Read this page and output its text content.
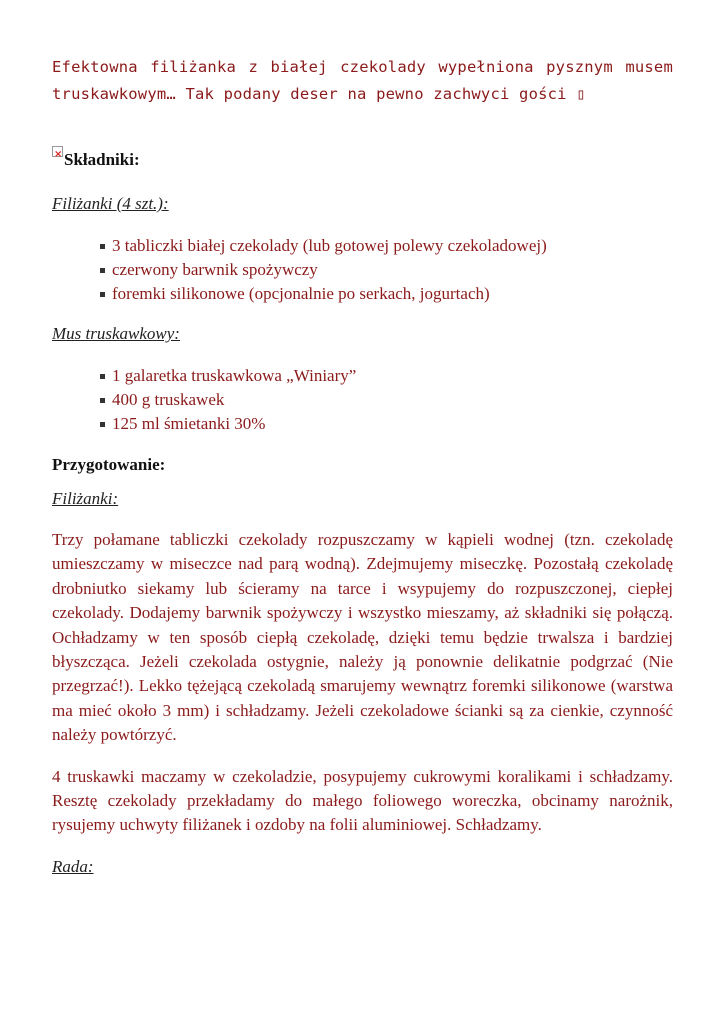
Efektowna filiżanka z białej czekolady wypełniona pysznym musem truskawkowym… Tak podany deser na pewno zachwyci gości ▯

×Składniki:

Filiżanki (4 szt.):

3 tabliczki białej czekolady (lub gotowej polewy czekoladowej)
czerwony barwnik spożywczy
foremki silikonowe (opcjonalnie po serkach, jogurtach)

Mus truskawkowy:

1 galaretka truskawkowa „Winiary”
400 g truskawek
125 ml śmietanki 30%

Przygotowanie:

Filiżanki:

Trzy połamane tabliczki czekolady rozpuszczamy w kąpieli wodnej (tzn. czekoladę umieszczamy w miseczce nad parą wodną). Zdejmujemy miseczkę. Pozostałą czekoladę drobniutko siekamy lub ścieramy na tarce i wsypujemy do rozpuszczonej, ciepłej czekolady. Dodajemy barwnik spożywczy i wszystko mieszamy, aż składniki się połączą. Ochładzamy w ten sposób ciepłą czekoladę, dzięki temu będzie trwalsza i bardziej błyszcząca. Jeżeli czekolada ostygnie, należy ją ponownie delikatnie podgrzać (Nie przegrzać!). Lekko tężejącą czekoladą smarujemy wewnątrz foremki silikonowe (warstwa ma mieć około 3 mm) i schładzamy. Jeżeli czekoladowe ścianki są za cienkie, czynność należy powtórzyć.

4 truskawki maczamy w czekoladzie, posypujemy cukrowymi koralikami i schładzamy. Resztę czekolady przekładamy do małego foliowego woreczka, obcinamy narożnik, rysujemy uchwyty filiżanek i ozdoby na folii aluminiowej. Schładzamy.

Rada:
